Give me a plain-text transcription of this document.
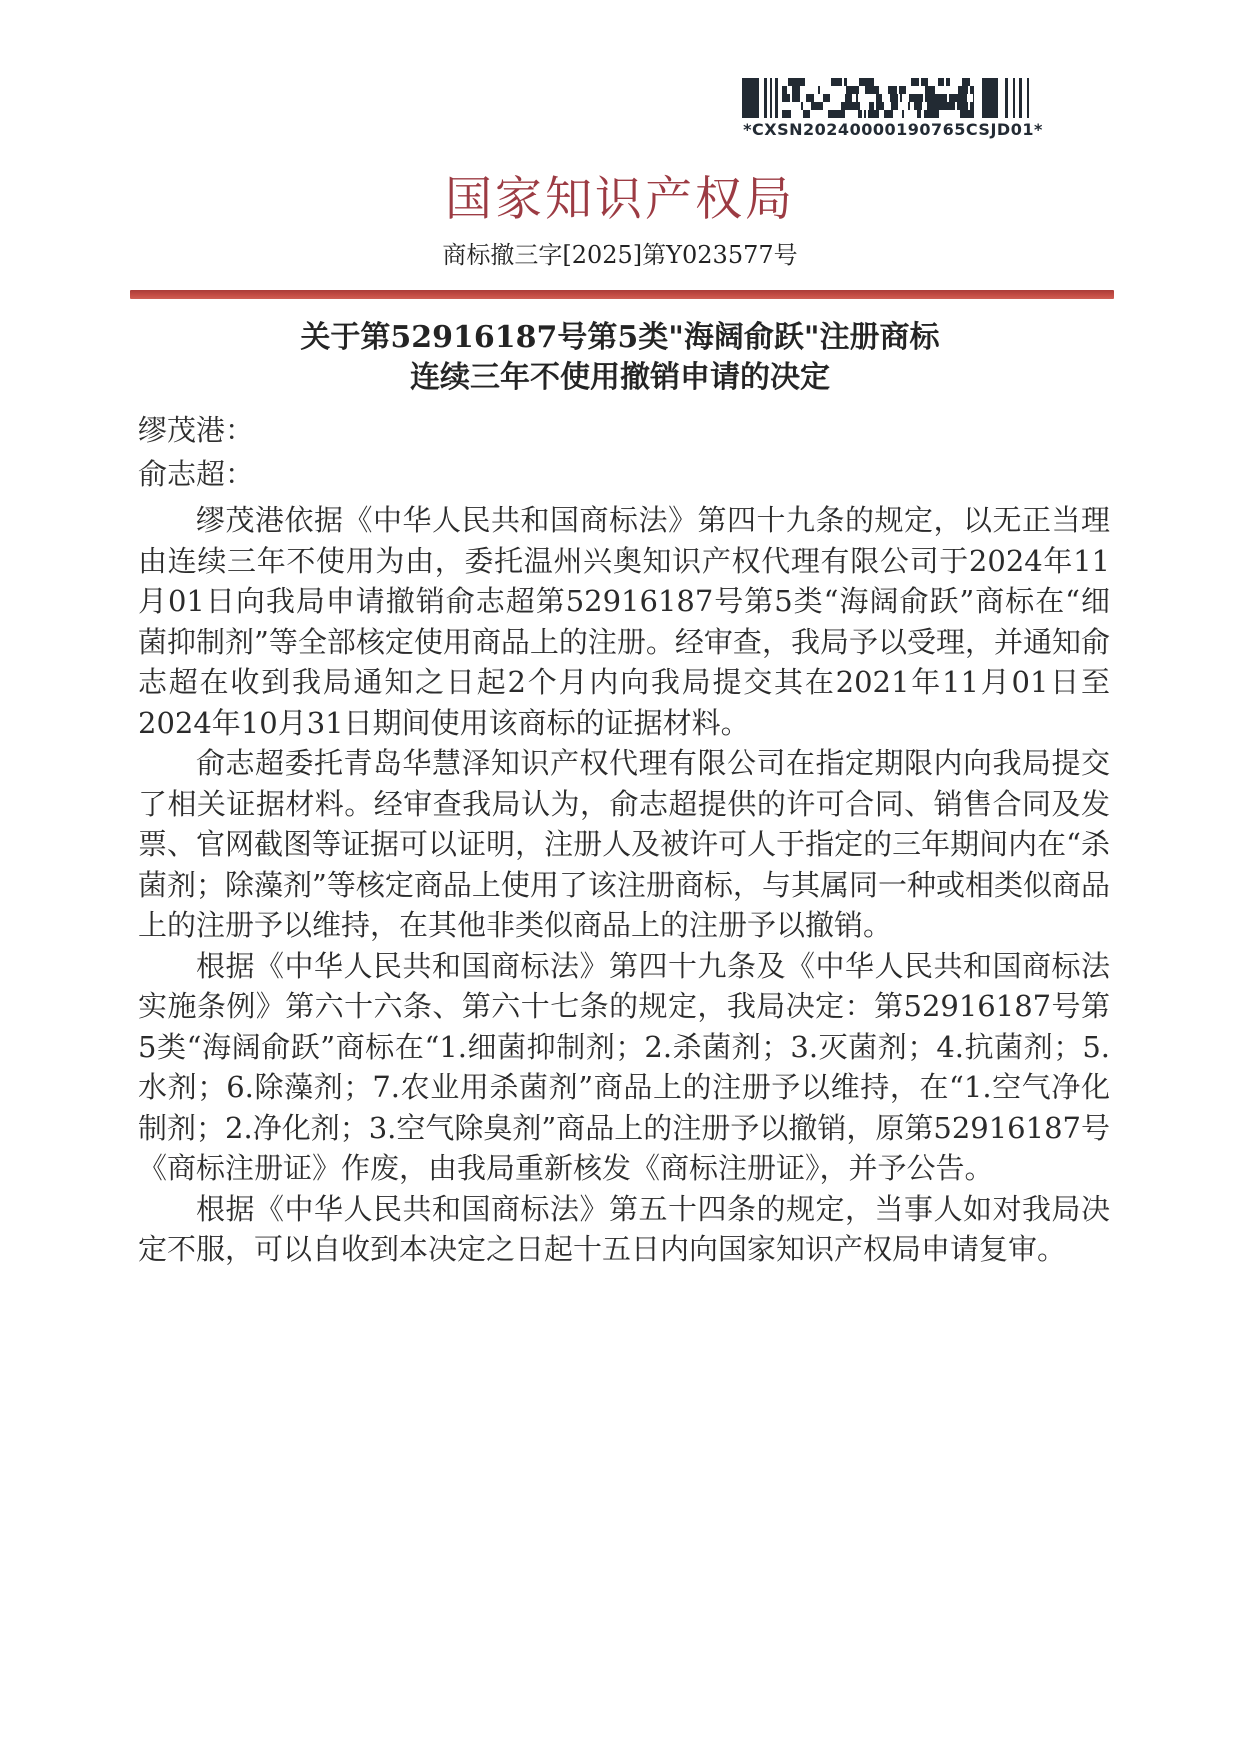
*CXSN20240000190765CSJD01*
国家知识产权局
商标撤三字[2025]第Y023577号
关于第52916187号第5类"海阔俞跃"注册商标
连续三年不使用撤销申请的决定
缪茂港：
俞志超：

缪茂港依据《中华人民共和国商标法》第四十九条的规定，以无正当理由连续三年不使用为由，委托温州兴奥知识产权代理有限公司于2024年11月01日向我局申请撤销俞志超第52916187号第5类“海阔俞跃”商标在“细菌抑制剂”等全部核定使用商品上的注册。经审查，我局予以受理，并通知俞志超在收到我局通知之日起2个月内向我局提交其在2021年11月01日至2024年10月31日期间使用该商标的证据材料。

俞志超委托青岛华慧泽知识产权代理有限公司在指定期限内向我局提交了相关证据材料。经审查我局认为，俞志超提供的许可合同、销售合同及发票、官网截图等证据可以证明，注册人及被许可人于指定的三年期间内在“杀菌剂；除藻剂”等核定商品上使用了该注册商标，与其属同一种或相类似商品上的注册予以维持，在其他非类似商品上的注册予以撤销。

根据《中华人民共和国商标法》第四十九条及《中华人民共和国商标法实施条例》第六十六条、第六十七条的规定，我局决定：第52916187号第5类“海阔俞跃”商标在“1.细菌抑制剂；2.杀菌剂；3.灭菌剂；4.抗菌剂；5.水剂；6.除藻剂；7.农业用杀菌剂”商品上的注册予以维持，在“1.空气净化制剂；2.净化剂；3.空气除臭剂”商品上的注册予以撤销，原第52916187号《商标注册证》作废，由我局重新核发《商标注册证》，并予公告。

根据《中华人民共和国商标法》第五十四条的规定，当事人如对我局决定不服，可以自收到本决定之日起十五日内向国家知识产权局申请复审。
